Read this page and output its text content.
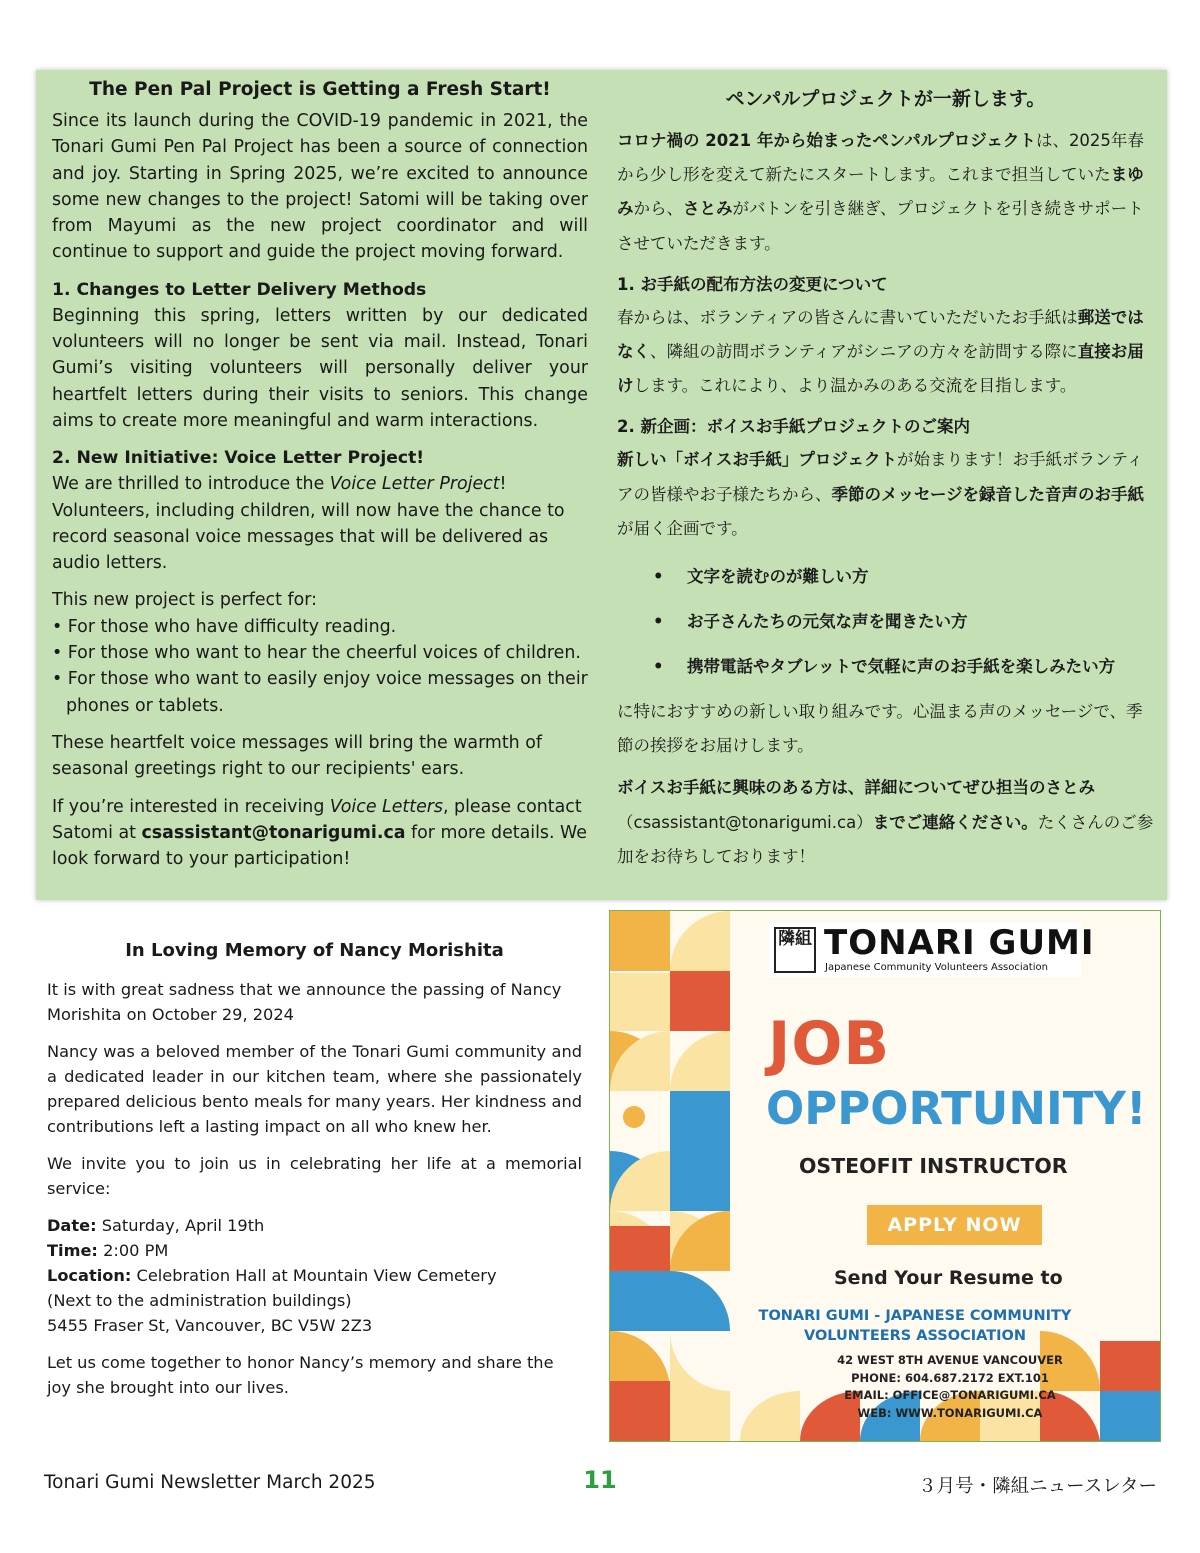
The Pen Pal Project is Getting a Fresh Start!

Since its launch during the COVID-19 pandemic in 2021, the Tonari Gumi Pen Pal Project has been a source of connection and joy. Starting in Spring 2025, we’re excited to announce some new changes to the project! Satomi will be taking over from Mayumi as the new project coordinator and will continue to support and guide the project moving forward.

1. Changes to Letter Delivery Methods

Beginning this spring, letters written by our dedicated volunteers will no longer be sent via mail. Instead, Tonari Gumi’s visiting volunteers will personally deliver your heartfelt letters during their visits to seniors. This change aims to create more meaningful and warm interactions.

2. New Initiative: Voice Letter Project!

We are thrilled to introduce the Voice Letter Project!
Volunteers, including children, will now have the chance to record seasonal voice messages that will be delivered as audio letters.

This new project is perfect for:
• For those who have difficulty reading.
• For those who want to hear the cheerful voices of children.
• For those who want to easily enjoy voice messages on their phones or tablets.

These heartfelt voice messages will bring the warmth of seasonal greetings right to our recipients' ears.

If you’re interested in receiving Voice Letters, please contact Satomi at csassistant@tonarigumi.ca for more details. We look forward to your participation!

ペンパルプロジェクトが一新します。

コロナ禍の 2021 年から始まったペンパルプロジェクトは、2025年春から少し形を変えて新たにスタートします。これまで担当していたまゆみから、さとみがバトンを引き継ぎ、プロジェクトを引き続きサポートさせていただきます。

1. お手紙の配布方法の変更について

春からは、ボランティアの皆さんに書いていただいたお手紙は郵送ではなく、隣組の訪問ボランティアがシニアの方々を訪問する際に直接お届けします。これにより、より温かみのある交流を目指します。

2. 新企画：ボイスお手紙プロジェクトのご案内

新しい「ボイスお手紙」プロジェクトが始まります！お手紙ボランティアの皆様やお子様たちから、季節のメッセージを録音した音声のお手紙が届く企画です。

• 文字を読むのが難しい方
• お子さんたちの元気な声を聞きたい方
• 携帯電話やタブレットで気軽に声のお手紙を楽しみたい方

に特におすすめの新しい取り組みです。心温まる声のメッセージで、季節の挨拶をお届けします。

ボイスお手紙に興味のある方は、詳細についてぜひ担当のさとみ（csassistant@tonarigumi.ca）までご連絡ください。たくさんのご参加をお待ちしております！

In Loving Memory of Nancy Morishita

It is with great sadness that we announce the passing of Nancy Morishita on October 29, 2024

Nancy was a beloved member of the Tonari Gumi community and a dedicated leader in our kitchen team, where she passionately prepared delicious bento meals for many years. Her kindness and contributions left a lasting impact on all who knew her.

We invite you to join us in celebrating her life at a memorial service:

Date: Saturday, April 19th
Time: 2:00 PM
Location: Celebration Hall at Mountain View Cemetery
(Next to the administration buildings)
5455 Fraser St, Vancouver, BC V5W 2Z3

Let us come together to honor Nancy’s memory and share the joy she brought into our lives.

隣組 TONARI GUMI
Japanese Community Volunteers Association
JOB
OPPORTUNITY!
OSTEOFIT INSTRUCTOR
APPLY NOW
Send Your Resume to
TONARI GUMI - JAPANESE COMMUNITY
VOLUNTEERS ASSOCIATION
42 WEST 8TH AVENUE VANCOUVER
PHONE: 604.687.2172 EXT.101
EMAIL: OFFICE@TONARIGUMI.CA
WEB: WWW.TONARIGUMI.CA
Tonari Gumi Newsletter March 2025	11	３月号・隣組ニュースレター
